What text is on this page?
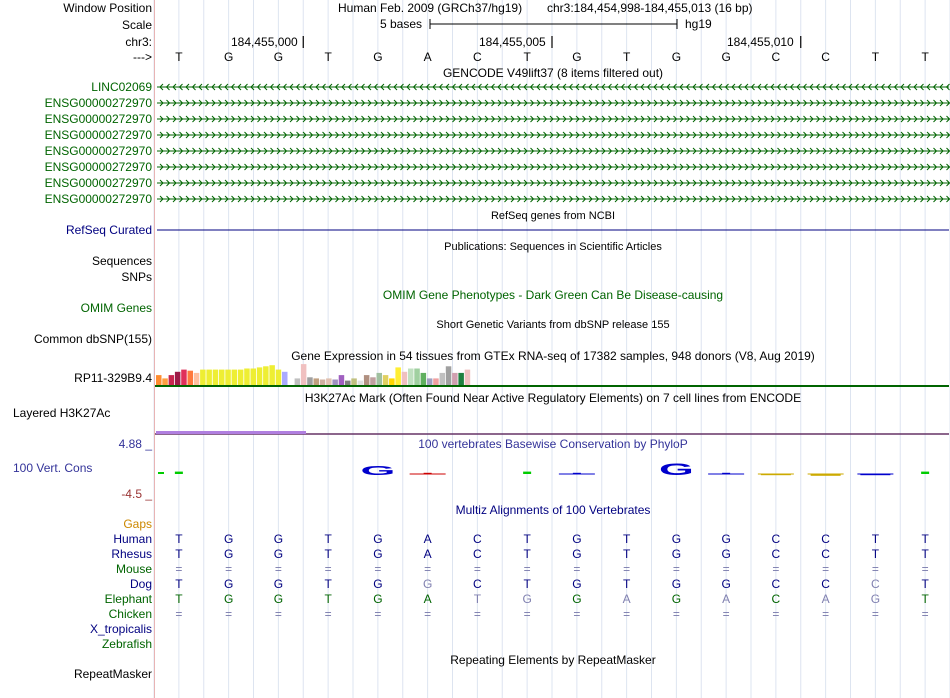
G	G
Window Position	Human Feb. 2009 (GRCh37/hg19) chr3:184,454,998-184,455,013 (16 bp)
Scale	5 bases	hg19
chr3:	184,455,000	184,455,005	184,455,010
--->	T	G	G	T	G	A	C	T	G	T	G	G	C	C	T	T
GENCODE V49lift37 (8 items filtered out)
LINC02069
ENSG00000272970
ENSG00000272970
ENSG00000272970
ENSG00000272970
ENSG00000272970
ENSG00000272970
ENSG00000272970
RefSeq genes from NCBI
RefSeq Curated
Publications: Sequences in Scientific Articles
Sequences
SNPs
OMIM Gene Phenotypes - Dark Green Can Be Disease-causing
OMIM Genes
Short Genetic Variants from dbSNP release 155
Common dbSNP(155)
Gene Expression in 54 tissues from GTEx RNA-seq of 17382 samples, 948 donors (V8, Aug 2019)
RP11-329B9.4
H3K27Ac Mark (Often Found Near Active Regulatory Elements) on 7 cell lines from ENCODE
Layered H3K27Ac
100 vertebrates Basewise Conservation by PhyloP
4.88 _
100 Vert. Cons
-4.5 _
Multiz Alignments of 100 Vertebrates
Gaps
Human	T	G	G	T	G	A	C	T	G	T	G	G	C	C	T	T
Rhesus	T	G	G	T	G	A	C	T	G	T	G	G	C	C	T	T
Mouse	=	=	=	=	=	=	=	=	=	=	=	=	=	=	=	=
Dog	T	G	G	T	G	G	C	T	G	T	G	G	C	C	C	T
Elephant	T	G	G	T	G	A	T	G	G	A	G	A	C	A	G	T
Chicken	=	=	=	=	=	=	=	=	=	=	=	=	=	=	=	=
X_tropicalis
Zebrafish
Repeating Elements by RepeatMasker
RepeatMasker
